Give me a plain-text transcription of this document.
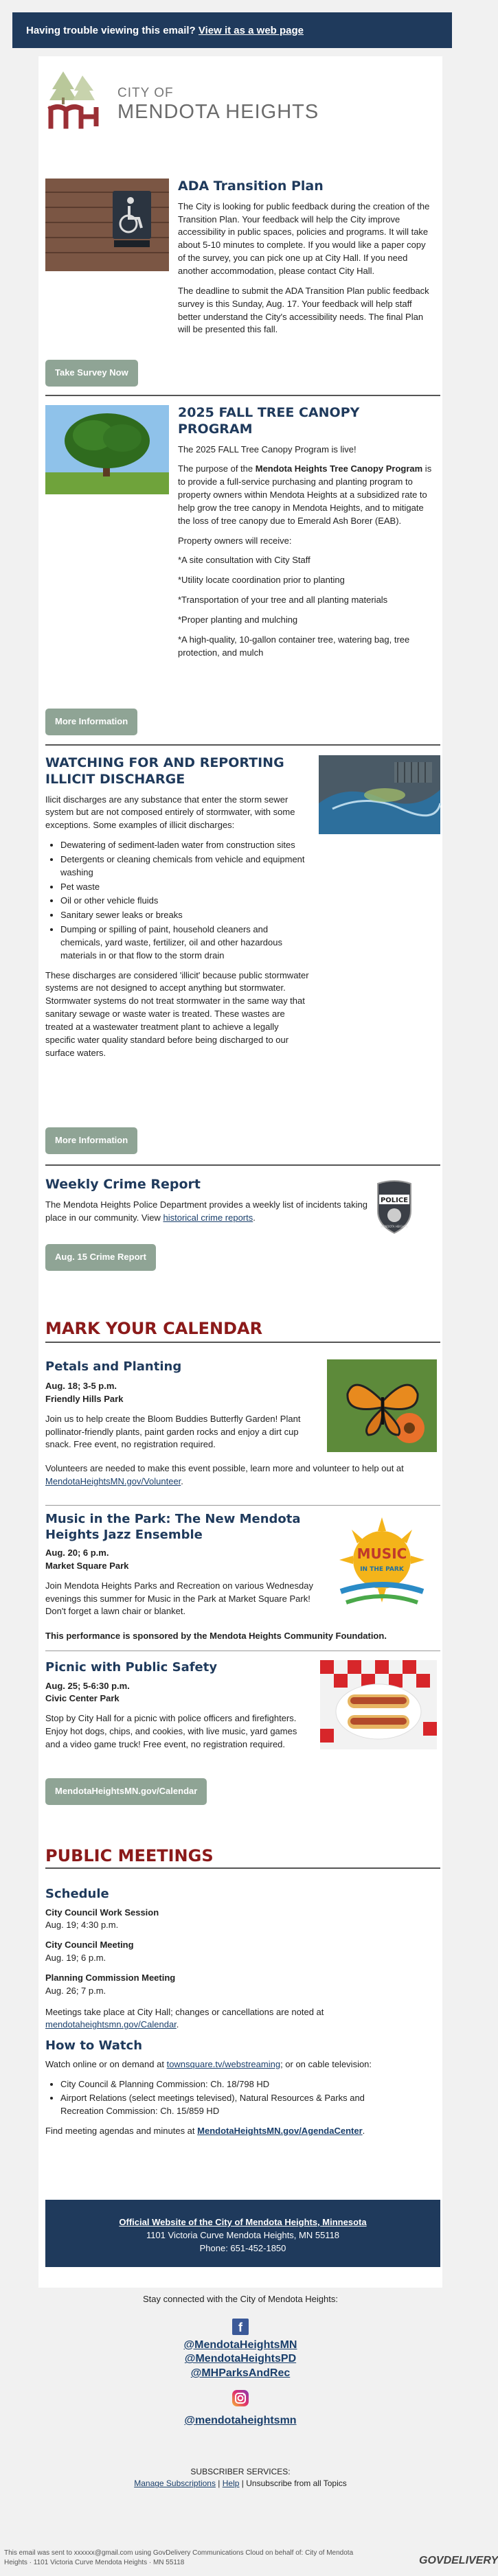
Having trouble viewing this email? View it as a web page
CITY OF
MENDOTA HEIGHTS
ADA Transition Plan

The City is looking for public feedback during the creation of the Transition Plan. Your feedback will help the City improve accessibility in public spaces, policies and programs. It will take about 5-10 minutes to complete. If you would like a paper copy of the survey, you can pick one up at City Hall. If you need another accommodation, please contact City Hall.

The deadline to submit the ADA Transition Plan public feedback survey is this Sunday, Aug. 17. Your feedback will help staff better understand the City's accessibility needs. The final Plan will be presented this fall.

Take Survey Now
2025 FALL TREE CANOPY PROGRAM

The 2025 FALL Tree Canopy Program is live!

The purpose of the Mendota Heights Tree Canopy Program is to provide a full-service purchasing and planting program to property owners within Mendota Heights at a subsidized rate to help grow the tree canopy in Mendota Heights, and to mitigate the loss of tree canopy due to Emerald Ash Borer (EAB).

Property owners will receive:

*A site consultation with City Staff

*Utility locate coordination prior to planting

*Transportation of your tree and all planting materials

*Proper planting and mulching

*A high-quality, 10-gallon container tree, watering bag, tree protection, and mulch

More Information
WATCHING FOR AND REPORTING ILLICIT DISCHARGE

Ilicit discharges are any substance that enter the storm sewer system but are not composed entirely of stormwater, with some exceptions. Some examples of illicit discharges:

• Dewatering of sediment-laden water from construction sites
• Detergents or cleaning chemicals from vehicle and equipment washing
• Pet waste
• Oil or other vehicle fluids
• Sanitary sewer leaks or breaks
• Dumping or spilling of paint, household cleaners and chemicals, yard waste, fertilizer, oil and other hazardous materials in or that flow to the storm drain

These discharges are considered 'illicit' because public stormwater systems are not designed to accept anything but stormwater. Stormwater systems do not treat stormwater in the same way that sanitary sewage or waste water is treated. These wastes are treated at a wastewater treatment plant to achieve a legally specific water quality standard before being discharged to our surface waters.

More Information
Weekly Crime Report

The Mendota Heights Police Department provides a weekly list of incidents taking place in our community. View historical crime reports.

POLICE
MENDOTA HEIGHTS
Aug. 15 Crime Report
MARK YOUR CALENDAR
Petals and Planting
Aug. 18; 3-5 p.m.

Friendly Hills Park

Join us to help create the Bloom Buddies Butterfly Garden! Plant pollinator-friendly plants, paint garden rocks and enjoy a dirt cup snack. Free event, no registration required.

Volunteers are needed to make this event possible, learn more and volunteer to help out at MendotaHeightsMN.gov/Volunteer.
Music in the Park: The New Mendota Heights Jazz Ensemble
Aug. 20; 6 p.m.

Market Square Park

Join Mendota Heights Parks and Recreation on various Wednesday evenings this summer for Music in the Park at Market Square Park! Don't forget a lawn chair or blanket.

This performance is sponsored by the Mendota Heights Community Foundation.
MUSIC
IN THE PARK
Picnic with Public Safety
Aug. 25; 5-6:30 p.m.

Civic Center Park

Stop by City Hall for a picnic with police officers and firefighters. Enjoy hot dogs, chips, and cookies, with live music, yard games and a video game truck! Free event, no registration required.

MendotaHeightsMN.gov/Calendar
PUBLIC MEETINGS
Schedule
City Council Work Session
Aug. 19; 4:30 p.m.
City Council Meeting
Aug. 19; 6 p.m.
Planning Commission Meeting
Aug. 26; 7 p.m.

Meetings take place at City Hall; changes or cancellations are noted at mendotaheightsmn.gov/Calendar.

How to Watch

Watch online or on demand at townsquare.tv/webstreaming; or on cable television:

• City Council & Planning Commission: Ch. 18/798 HD
• Airport Relations (select meetings televised), Natural Resources & Parks and Recreation Commission: Ch. 15/859 HD

Find meeting agendas and minutes at MendotaHeightsMN.gov/AgendaCenter.

Official Website of the City of Mendota Heights, Minnesota
1101 Victoria Curve Mendota Heights, MN 55118
Phone: 651-452-1850
Stay connected with the City of Mendota Heights:
f
@MendotaHeightsMN
@MendotaHeightsPD
@MHParksAndRec
@mendotaheightsmn
SUBSCRIBER SERVICES:
Manage Subscriptions | Help | Unsubscribe from all Topics
This email was sent to xxxxxx@gmail.com using GovDelivery Communications Cloud on behalf of: City of Mendota Heights · 1101 Victoria Curve Mendota Heights · MN 55118	GOVDELIVERY
